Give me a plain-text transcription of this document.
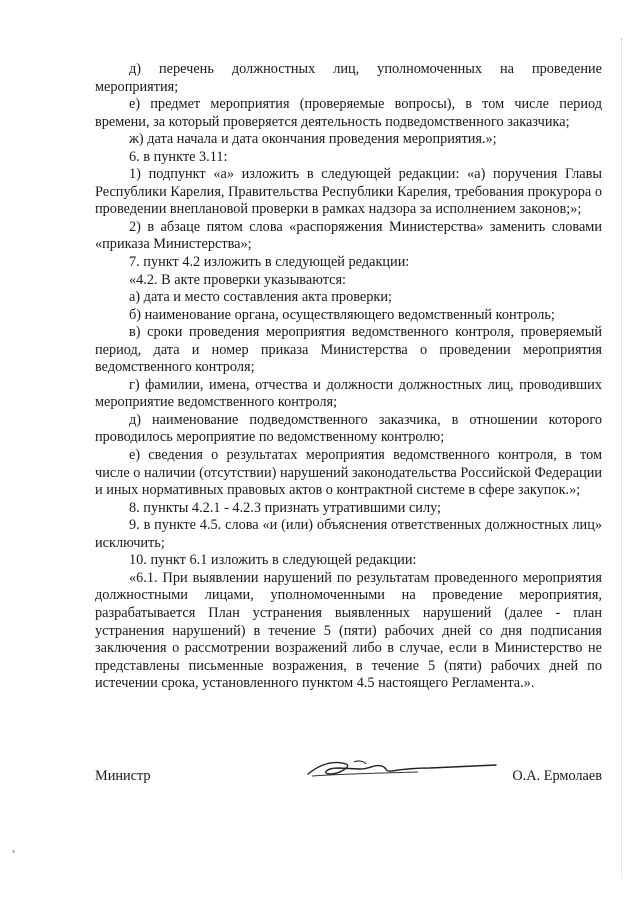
д) перечень должностных лиц, уполномоченных на проведение мероприятия;

е) предмет мероприятия (проверяемые вопросы), в том числе период времени, за который проверяется деятельность подведомственного заказчика;

ж) дата начала и дата окончания проведения мероприятия.»;

6. в пункте 3.11:

1) подпункт «а» изложить в следующей редакции: «а) поручения Главы Республики Карелия, Правительства Республики Карелия, требования прокурора о проведении внеплановой проверки в рамках надзора за исполнением законов;»;

2) в абзаце пятом слова «распоряжения Министерства» заменить словами «приказа Министерства»;

7. пункт 4.2 изложить в следующей редакции:

«4.2. В акте проверки указываются:

а) дата и место составления акта проверки;

б) наименование органа, осуществляющего ведомственный контроль;

в) сроки проведения мероприятия ведомственного контроля, проверяемый период, дата и номер приказа Министерства о проведении мероприятия ведомственного контроля;

г) фамилии, имена, отчества и должности должностных лиц, проводивших мероприятие ведомственного контроля;

д) наименование подведомственного заказчика, в отношении которого проводилось мероприятие по ведомственному контролю;

е) сведения о результатах мероприятия ведомственного контроля, в том числе о наличии (отсутствии) нарушений законодательства Российской Федерации и иных нормативных правовых актов о контрактной системе в сфере закупок.»;

8. пункты 4.2.1 - 4.2.3 признать утратившими силу;

9. в пункте 4.5. слова «и (или) объяснения ответственных должностных лиц» исключить;

10. пункт 6.1 изложить в следующей редакции:

«6.1. При выявлении нарушений по результатам проведенного мероприятия должностными лицами, уполномоченными на проведение мероприятия, разрабатывается План устранения выявленных нарушений (далее - план устранения нарушений) в течение 5 (пяти) рабочих дней со дня подписания заключения о рассмотрении возражений либо в случае, если в Министерство не представлены письменные возражения, в течение 5 (пяти) рабочих дней по истечении срока, установленного пунктом 4.5 настоящего Регламента.».

Министр	О.А. Ермолаев
